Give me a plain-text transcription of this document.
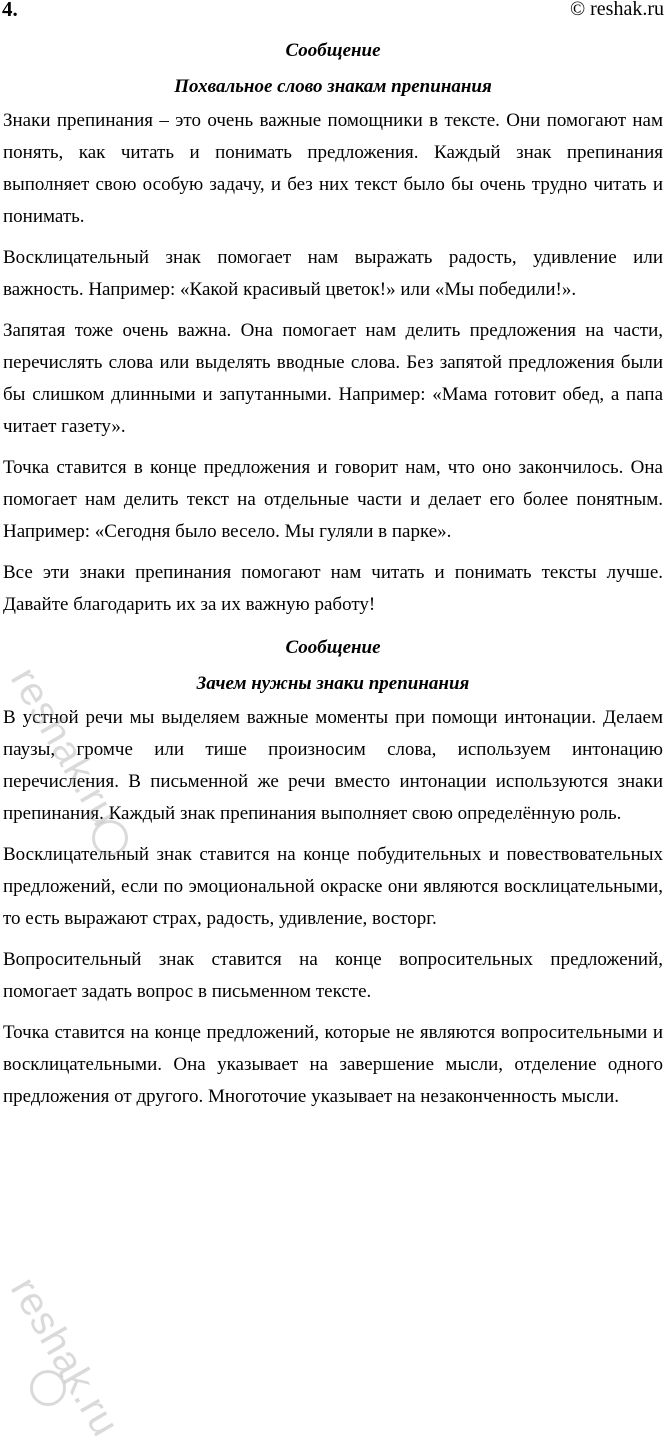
4.	© reshak.ru

Сообщение

Похвальное слово знакам препинания

Знаки препинания – это очень важные помощники в тексте. Они помогают нам понять, как читать и понимать предложения. Каждый знак препинания выполняет свою особую задачу, и без них текст было бы очень трудно читать и понимать.

Восклицательный знак помогает нам выражать радость, удивление или важность. Например: «Какой красивый цветок!» или «Мы победили!».

Запятая тоже очень важна. Она помогает нам делить предложения на части, перечислять слова или выделять вводные слова. Без запятой предложения были бы слишком длинными и запутанными. Например: «Мама готовит обед, а папа читает газету».

Точка ставится в конце предложения и говорит нам, что оно закончилось. Она помогает нам делить текст на отдельные части и делает его более понятным. Например: «Сегодня было весело. Мы гуляли в парке».

Все эти знаки препинания помогают нам читать и понимать тексты лучше. Давайте благодарить их за их важную работу!

Сообщение

Зачем нужны знаки препинания

В устной речи мы выделяем важные моменты при помощи интонации. Делаем паузы, громче или тише произносим слова, используем интонацию перечисления. В письменной же речи вместо интонации используются знаки препинания. Каждый знак препинания выполняет свою определённую роль.

Восклицательный знак ставится на конце побудительных и повествовательных предложений, если по эмоциональной окраске они являются восклицательными, то есть выражают страх, радость, удивление, восторг.

Вопросительный знак ставится на конце вопросительных предложений, помогает задать вопрос в письменном тексте.

Точка ставится на конце предложений, которые не являются вопросительными и восклицательными. Она указывает на завершение мысли, отделение одного предложения от другого. Многоточие указывает на незаконченность мысли.

reshak.ru
reshak.ru
